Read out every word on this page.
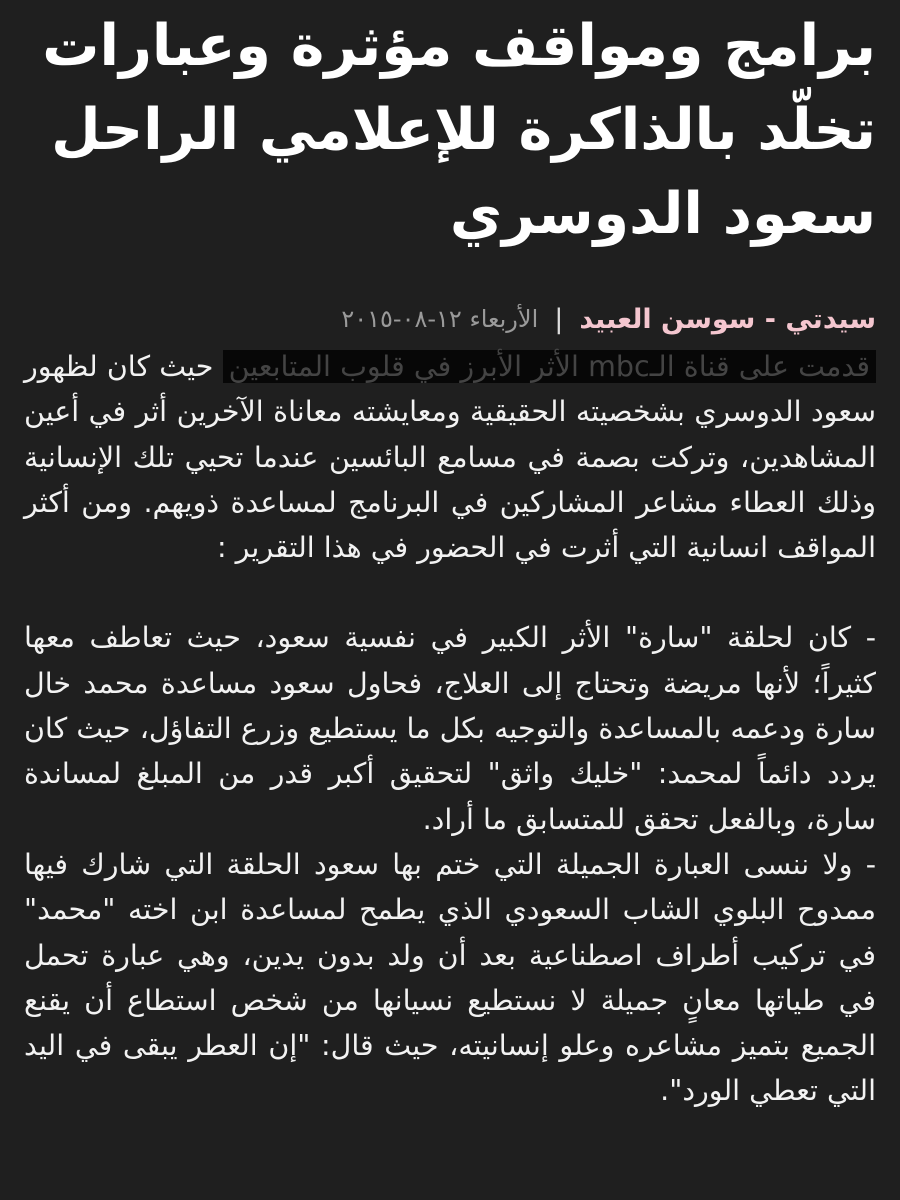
برامج ومواقف مؤثرة وعبارات تخلّد بالذاكرة للإعلامي الراحل سعود الدوسري
سيدتي - سوسن العبيد
|
الأربعاء ١٢-٠٨-٢٠١٥

قدمت على قناة الـmbc الأثر الأبرز في قلوب المتابعين حيث كان لظهور سعود الدوسري بشخصيته الحقيقية ومعايشته معاناة الآخرين أثر في أعين المشاهدين، وتركت بصمة في مسامع البائسين عندما تحيي تلك الإنسانية وذلك العطاء مشاعر المشاركين في البرنامج لمساعدة ذويهم. ومن أكثر المواقف انسانية التي أثرت في الحضور في هذا التقرير :

- كان لحلقة "سارة" الأثر الكبير في نفسية سعود، حيث تعاطف معها كثيراً؛ لأنها مريضة وتحتاج إلى العلاج، فحاول سعود مساعدة محمد خال سارة ودعمه بالمساعدة والتوجيه بكل ما يستطيع وزرع التفاؤل، حيث كان يردد دائماً لمحمد: "خليك واثق" لتحقيق أكبر قدر من المبلغ لمساندة سارة، وبالفعل تحقق للمتسابق ما أراد.

- ولا ننسى العبارة الجميلة التي ختم بها سعود الحلقة التي شارك فيها ممدوح البلوي الشاب السعودي الذي يطمح لمساعدة ابن اخته "محمد" في تركيب أطراف اصطناعية بعد أن ولد بدون يدين، وهي عبارة تحمل في طياتها معانٍ جميلة لا نستطيع نسيانها من شخص استطاع أن يقنع الجميع بتميز مشاعره وعلو إنسانيته، حيث قال: "إن العطر يبقى في اليد التي تعطي الورد".
